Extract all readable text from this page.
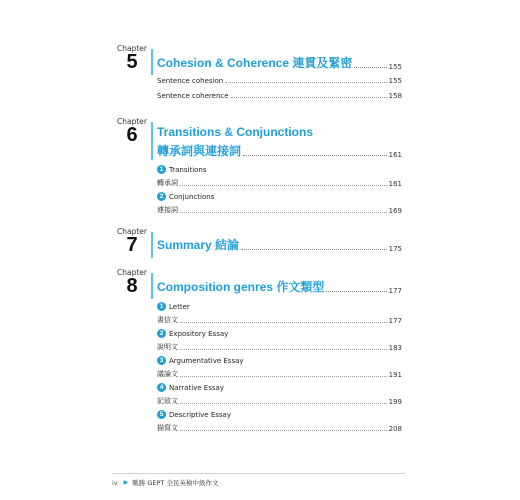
Chapter
5	Cohesion & Coherence 連貫及緊密	155
Sentence cohesion	155
Sentence coherence	158
Chapter
6	Transitions & Conjunctions
轉承詞與連接詞	161
1 Transitions
轉承詞	161
2 Conjunctions
連接詞	169
Chapter
7	Summary 結論	175
Chapter
8	Composition genres 作文類型	177
1 Letter
書信文	177
2 Expository Essay
說明文	183
3 Argumentative Essay
議論文	191
4 Narrative Essay
記敘文	199
5 Descriptive Essay
描寫文	208
iv ▶ 戰勝 GEPT 全民英檢中級作文
